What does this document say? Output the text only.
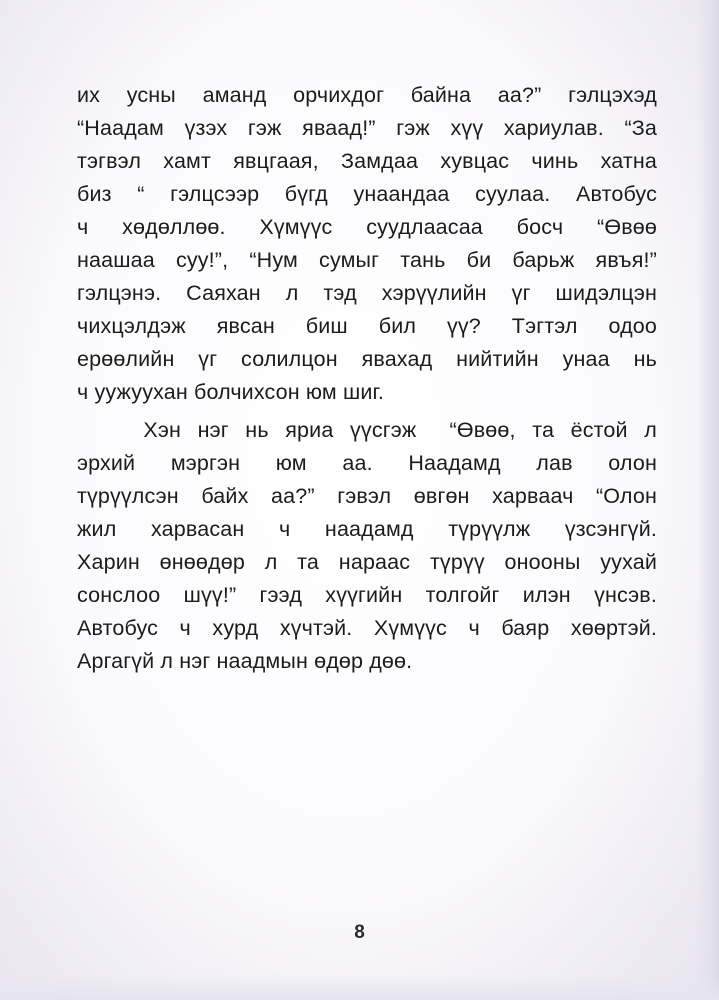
их усны аманд орчихдог байна аа?” гэлцэхэд
“Наадам үзэх гэж яваад!” гэж хүү хариулав. “За
тэгвэл хамт явцгаая, Замдаа хувцас чинь хатна
биз “ гэлцсээр бүгд унаандаа суулаа. Автобус
ч хөдөллөө. Хүмүүс суудлаасаа босч “Өвөө
наашаа суу!”, “Нум сумыг тань би барьж явъя!”
гэлцэнэ. Саяхан л тэд хэрүүлийн үг шидэлцэн
чихцэлдэж явсан биш бил үү? Тэгтэл одоо
ерөөлийн үг солилцон явахад нийтийн унаа нь
ч уужуухан болчихсон юм шиг.
Хэн нэг нь яриа үүсгэж  “Өвөө, та ёстой л
эрхий мэргэн юм аа. Наадамд лав олон
түрүүлсэн байх аа?” гэвэл өвгөн харваач “Олон
жил харвасан ч наадамд түрүүлж үзсэнгүй.
Харин өнөөдөр л та нараас түрүү онооны уухай
сонслоо шүү!” гээд хүүгийн толгойг илэн үнсэв.
Автобус ч хурд хүчтэй. Хүмүүс ч баяр хөөртэй.
Аргагүй л нэг наадмын өдөр дөө.
8
